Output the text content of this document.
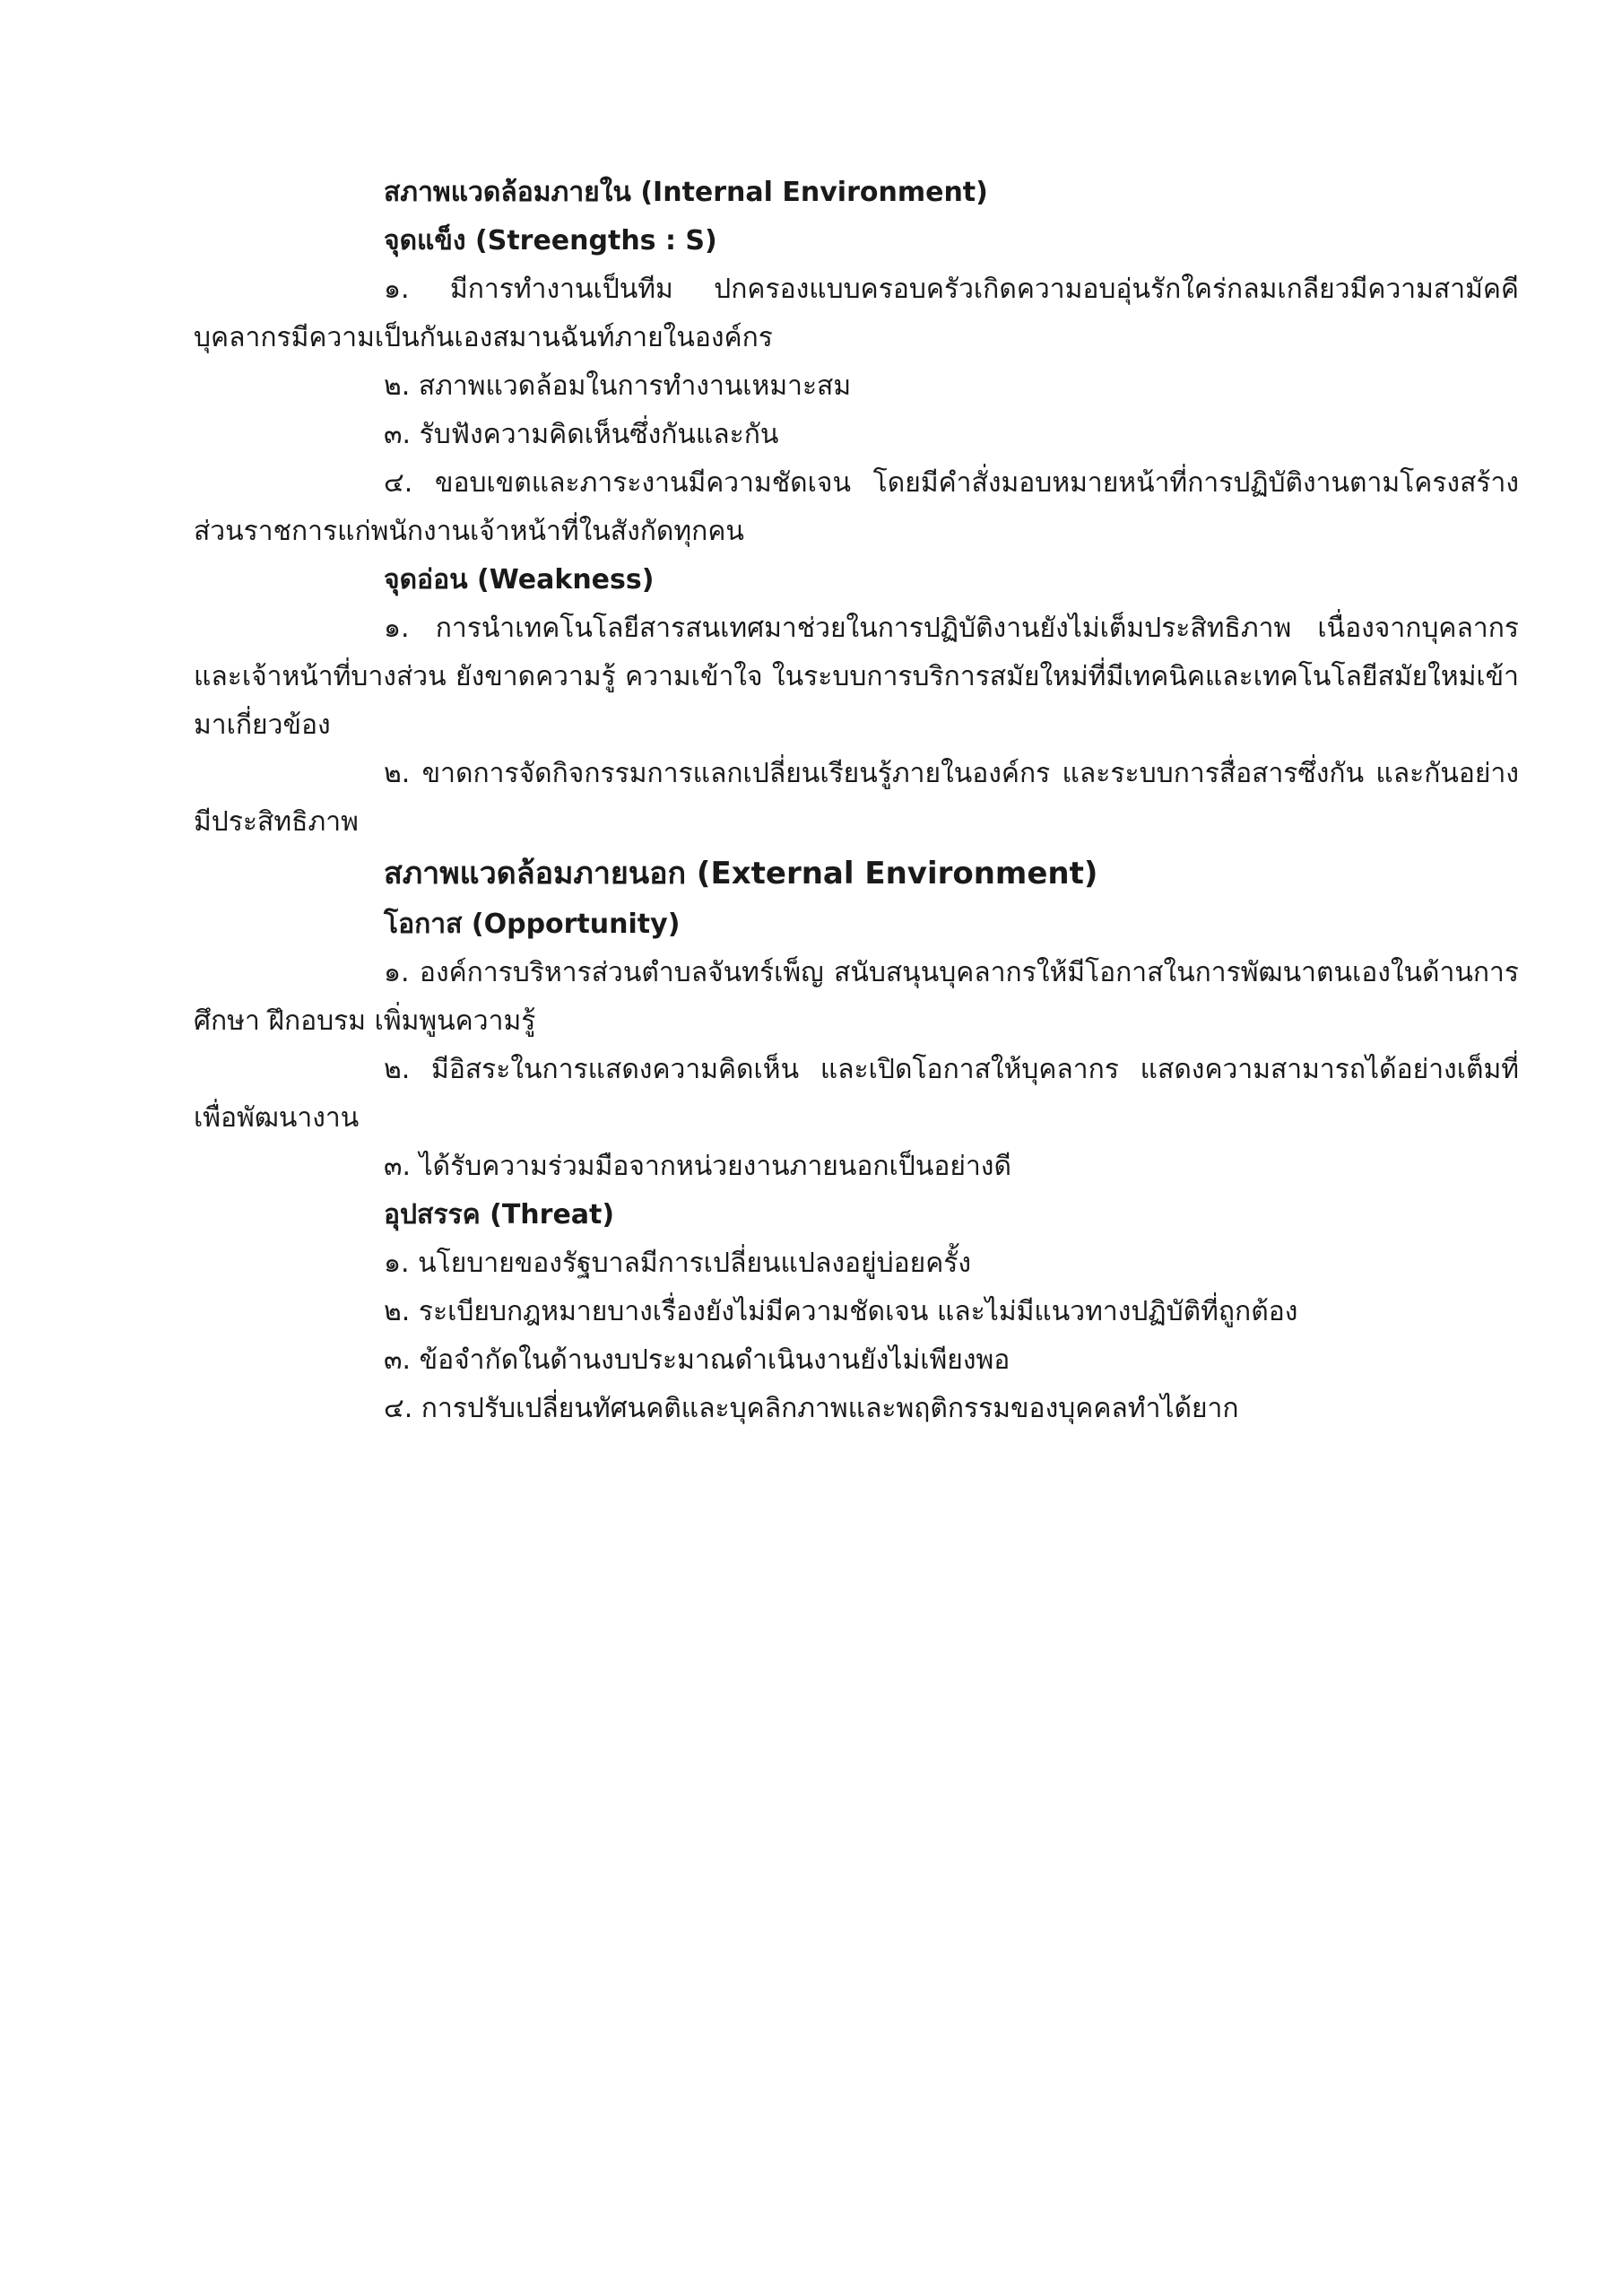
สภาพแวดล้อมภายใน (Internal Environment)

จุดแข็ง (Streengths : S)

๑. มีการทำงานเป็นทีม ปกครองแบบครอบครัวเกิดความอบอุ่นรักใคร่กลมเกลียวมีความสามัคคีบุคลากรมีความเป็นกันเองสมานฉันท์ภายในองค์กร

๒. สภาพแวดล้อมในการทำงานเหมาะสม

๓. รับฟังความคิดเห็นซึ่งกันและกัน

๔. ขอบเขตและภาระงานมีความชัดเจน โดยมีคำสั่งมอบหมายหน้าที่การปฏิบัติงานตามโครงสร้างส่วนราชการแก่พนักงานเจ้าหน้าที่ในสังกัดทุกคน

จุดอ่อน (Weakness)

๑. การนำเทคโนโลยีสารสนเทศมาช่วยในการปฏิบัติงานยังไม่เต็มประสิทธิภาพ เนื่องจากบุคลากรและเจ้าหน้าที่บางส่วน ยังขาดความรู้ ความเข้าใจ ในระบบการบริการสมัยใหม่ที่มีเทคนิคและเทคโนโลยีสมัยใหม่เข้ามาเกี่ยวข้อง

๒. ขาดการจัดกิจกรรมการแลกเปลี่ยนเรียนรู้ภายในองค์กร และระบบการสื่อสารซึ่งกัน และกันอย่างมีประสิทธิภาพ

สภาพแวดล้อมภายนอก (External Environment)

โอกาส (Opportunity)

๑. องค์การบริหารส่วนตำบลจันทร์เพ็ญ สนับสนุนบุคลากรให้มีโอกาสในการพัฒนาตนเองในด้านการศึกษา ฝึกอบรม เพิ่มพูนความรู้

๒. มีอิสระในการแสดงความคิดเห็น และเปิดโอกาสให้บุคลากร แสดงความสามารถได้อย่างเต็มที่เพื่อพัฒนางาน

๓. ได้รับความร่วมมือจากหน่วยงานภายนอกเป็นอย่างดี

อุปสรรค (Threat)

๑. นโยบายของรัฐบาลมีการเปลี่ยนแปลงอยู่บ่อยครั้ง

๒. ระเบียบกฎหมายบางเรื่องยังไม่มีความชัดเจน และไม่มีแนวทางปฏิบัติที่ถูกต้อง

๓. ข้อจำกัดในด้านงบประมาณดำเนินงานยังไม่เพียงพอ

๔. การปรับเปลี่ยนทัศนคติและบุคลิกภาพและพฤติกรรมของบุคคลทำได้ยาก
